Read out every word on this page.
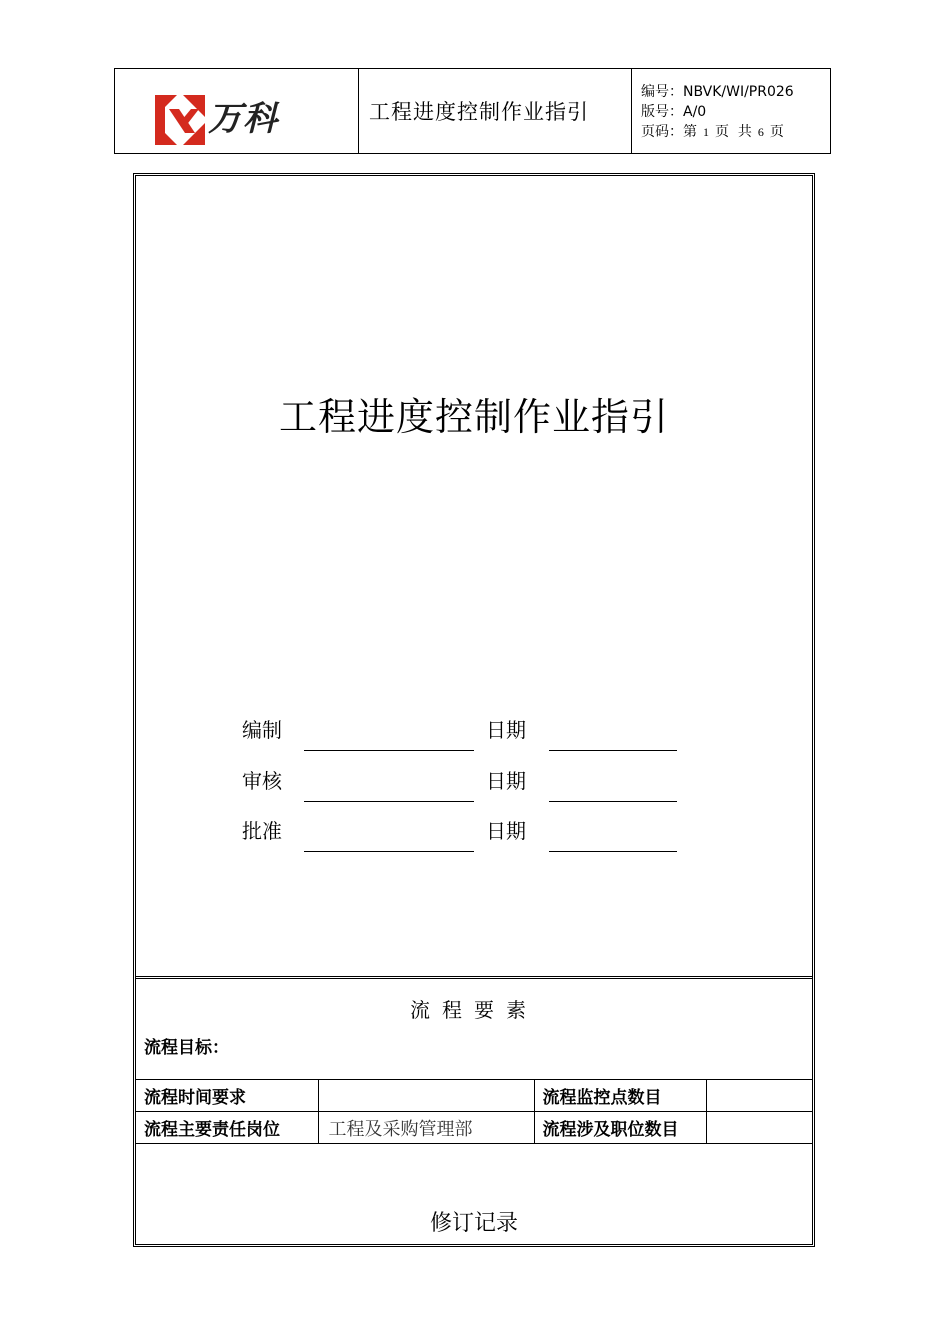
万科	工程进度控制作业指引
编号：NBVK/WI/PR026
版号：A/0
页码：第 1 页  共 6 页
工程进度控制作业指引
编制	日期
审核	日期
批准	日期
流程要素
流程目标：
流程时间要求		流程监控点数目	
流程主要责任岗位	工程及采购管理部	流程涉及职位数目	
修订记录
